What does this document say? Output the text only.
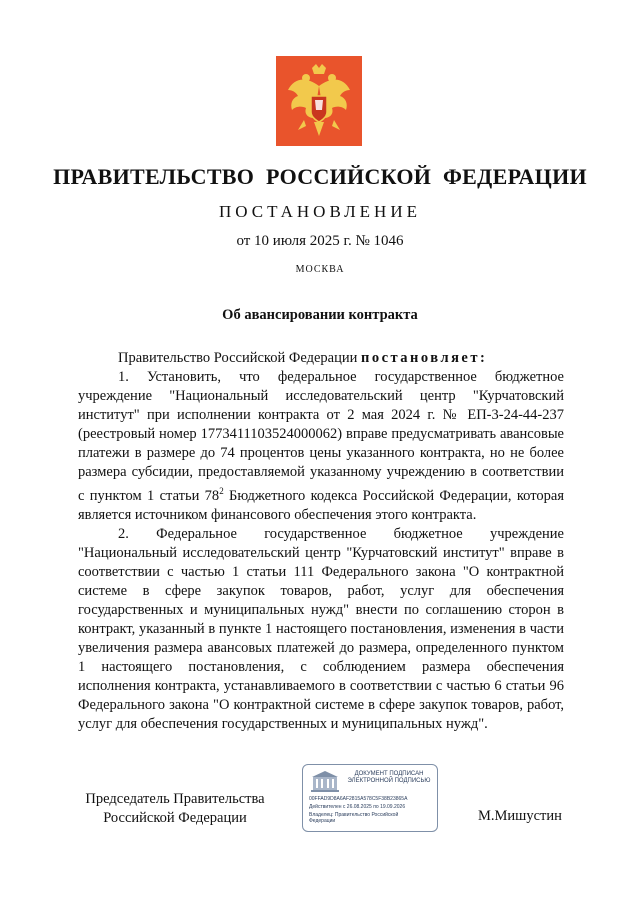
ПРАВИТЕЛЬСТВО РОССИЙСКОЙ ФЕДЕРАЦИИ
ПОСТАНОВЛЕНИЕ
от 10 июля 2025 г. № 1046
МОСКВА
Об авансировании контракта

Правительство Российской Федерации постановляет:

1. Установить, что федеральное государственное бюджетное учреждение "Национальный исследовательский центр "Курчатовский институт" при исполнении контракта от 2 мая 2024 г. № ЕП-3-24-44-237 (реестровый номер 1773411103524000062) вправе предусматривать авансовые платежи в размере до 74 процентов цены указанного контракта, но не более размера субсидии, предоставляемой указанному учреждению в соответствии с пунктом 1 статьи $78^2$ Бюджетного кодекса Российской Федерации, которая является источником финансового обеспечения этого контракта.

2. Федеральное государственное бюджетное учреждение "Национальный исследовательский центр "Курчатовский институт" вправе в соответствии с частью 1 статьи 111 Федерального закона "О контрактной системе в сфере закупок товаров, работ, услуг для обеспечения государственных и муниципальных нужд" внести по соглашению сторон в контракт, указанный в пункте 1 настоящего постановления, изменения в части увеличения размера авансовых платежей до размера, определенного пунктом 1 настоящего постановления, с соблюдением размера обеспечения исполнения контракта, устанавливаемого в соответствии с частью 6 статьи 96 Федерального закона "О контрактной системе в сфере закупок товаров, работ, услуг для обеспечения государственных и муниципальных нужд".

Председатель Правительства
Российской Федерации
ДОКУМЕНТ ПОДПИСАН
ЭЛЕКТРОННОЙ ПОДПИСЬЮ
00FFAD9D8A6AF2815A578C5F38B23865A
Действителен с 26.08.2025 по 19.09.2026
Владелец: Правительство Российской
Федерации	М.Мишустин
